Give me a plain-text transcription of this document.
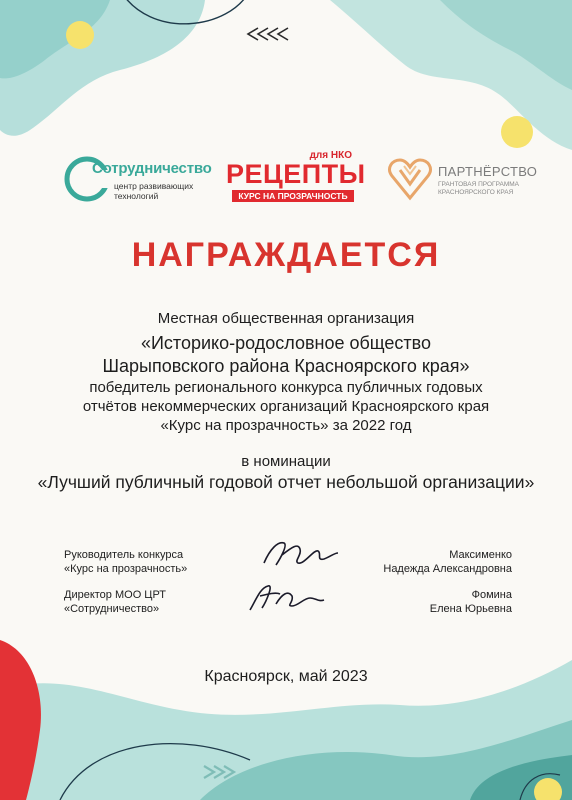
Сотрудничество
центр развивающих
технологий
для НКО
РЕЦЕПТЫ
КУРС НА ПРОЗРАЧНОСТЬ
ПАРТНЁРСТВО
ГРАНТОВАЯ ПРОГРАММА
КРАСНОЯРСКОГО КРАЯ
НАГРАЖДАЕТСЯ
Местная общественная организация
«Историко-родословное общество
Шарыповского района Красноярского края»
победитель регионального конкурса публичных годовых
отчётов некоммерческих организаций Красноярского края
«Курс на прозрачность» за 2022 год
в номинации
«Лучший публичный годовой отчет небольшой организации»
Руководитель конкурса
«Курс на прозрачность»
Максименко
Надежда Александровна
Директор МОО ЦРТ
«Сотрудничество»
Фомина
Елена Юрьевна
Красноярск, май 2023
